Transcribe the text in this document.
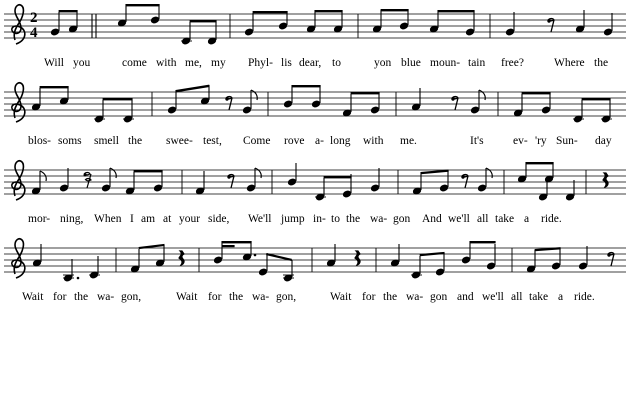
2
4
Will you	come with me, my Phyl- lis dear, to	yon blue moun- tain free?	Where the
blos- soms smell the swee- test, Come rove a- long with me.	It's	ev- 'ry Sun- day
mor- ning, When I am at your side, We'll jump in- to the wa- gon And we'll all take a ride.
Wait for the wa- gon,	Wait for the wa- gon,	Wait for the wa- gon and we'll all take a ride.
